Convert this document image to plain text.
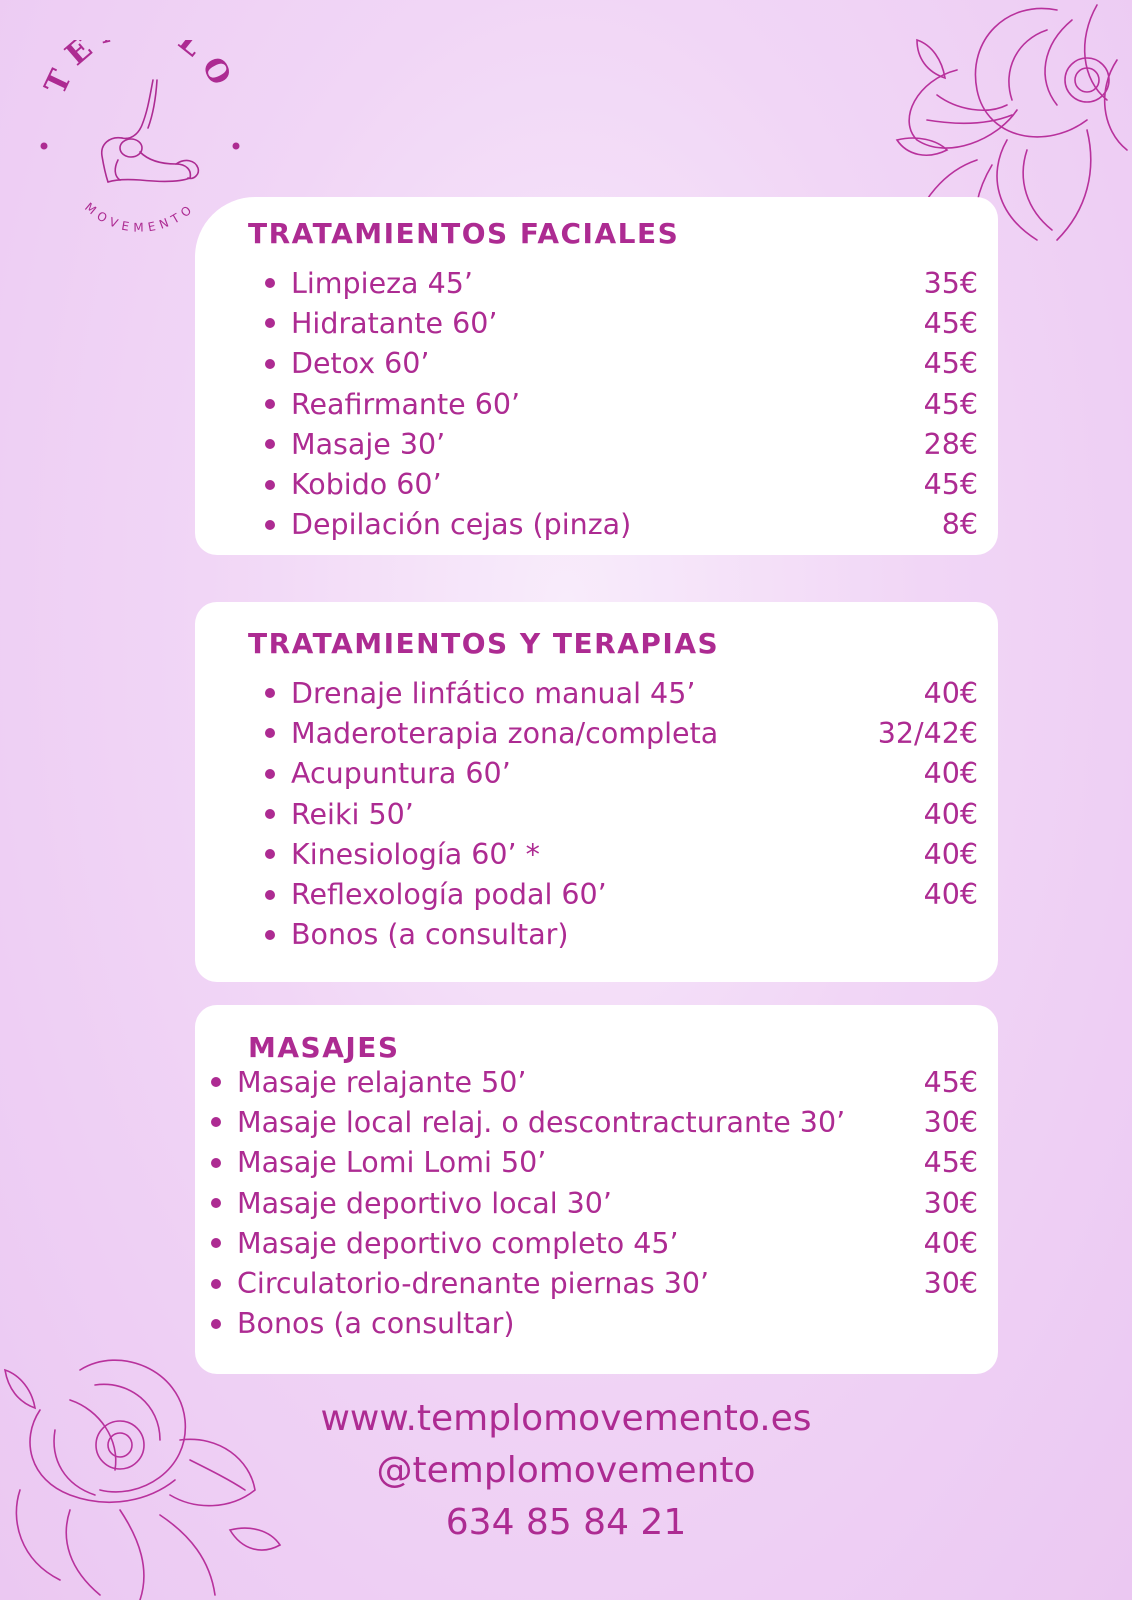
TE LO
MOVEMENTO
TRATAMIENTOS FACIALES
Limpieza 45’	35€
Hidratante 60’	45€
Detox 60’	45€
Reafirmante 60’	45€
Masaje 30’	28€
Kobido 60’	45€
Depilación cejas (pinza)	8€
TRATAMIENTOS Y TERAPIAS
Drenaje linfático manual 45’	40€
Maderoterapia zona/completa	32/42€
Acupuntura 60’	40€
Reiki 50’	40€
Kinesiología 60’ *	40€
Reflexología podal 60’	40€
Bonos (a consultar)
MASAJES
Masaje relajante 50’	45€
Masaje local relaj. o descontracturante 30’	30€
Masaje Lomi Lomi 50’	45€
Masaje deportivo local 30’	30€
Masaje deportivo completo 45’	40€
Circulatorio-drenante piernas 30’	30€
Bonos (a consultar)
www.templomovemento.es
@templomovemento
634 85 84 21
